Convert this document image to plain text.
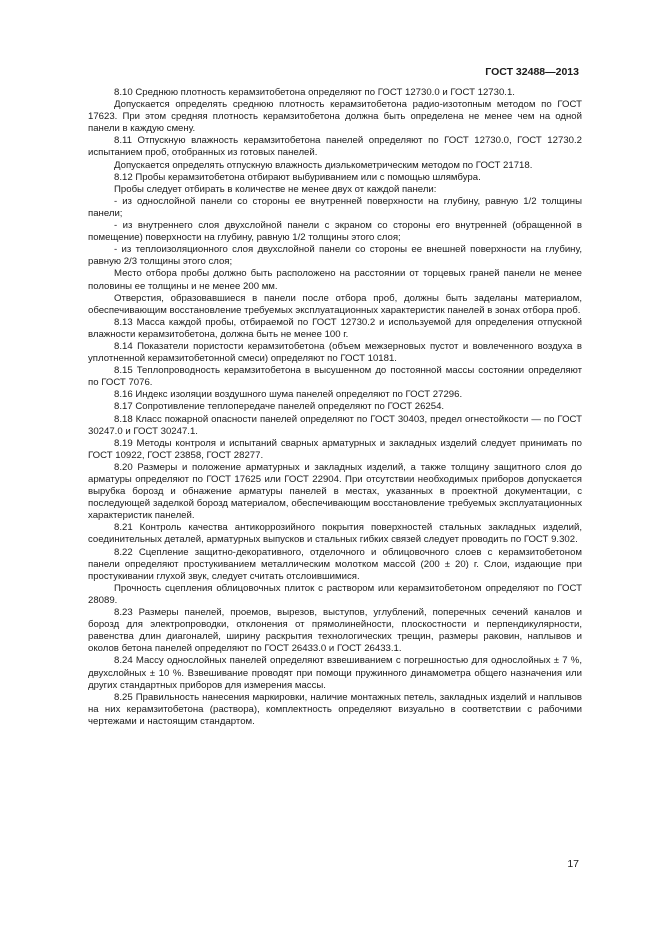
ГОСТ 32488—2013

8.10 Среднюю плотность керамзитобетона определяют по ГОСТ 12730.0 и ГОСТ 12730.1.

Допускается определять среднюю плотность керамзитобетона радио-изотопным методом по ГОСТ 17623. При этом средняя плотность керамзитобетона должна быть определена не менее чем на одной панели в каждую смену.

8.11 Отпускную влажность керамзитобетона панелей определяют по ГОСТ 12730.0, ГОСТ 12730.2 испытанием проб, отобранных из готовых панелей.

Допускается определять отпускную влажность диэлькометрическим методом по ГОСТ 21718.

8.12 Пробы керамзитобетона отбирают выбуриванием или с помощью шлямбура.

Пробы следует отбирать в количестве не менее двух от каждой панели:

- из однослойной панели со стороны ее внутренней поверхности на глубину, равную 1/2 толщины панели;

- из внутреннего слоя двухслойной панели с экраном со стороны его внутренней (обращенной в помещение) поверхности на глубину, равную 1/2 толщины этого слоя;

- из теплоизоляционного слоя двухслойной панели со стороны ее внешней поверхности на глубину, равную 2/3 толщины этого слоя;

Место отбора пробы должно быть расположено на расстоянии от торцевых граней панели не менее половины ее толщины и не менее 200 мм.

Отверстия, образовавшиеся в панели после отбора проб, должны быть заделаны материалом, обеспечивающим восстановление требуемых эксплуатационных характеристик панелей в зонах отбора проб.

8.13 Масса каждой пробы, отбираемой по ГОСТ 12730.2 и используемой для определения отпускной влажности керамзитобетона, должна быть не менее 100 г.

8.14 Показатели пористости керамзитобетона (объем межзерновых пустот и вовлеченного воздуха в уплотненной керамзитобетонной смеси) определяют по ГОСТ 10181.

8.15 Теплопроводность керамзитобетона в высушенном до постоянной массы состоянии определяют по ГОСТ 7076.

8.16 Индекс изоляции воздушного шума панелей определяют по ГОСТ 27296.

8.17 Сопротивление теплопередаче панелей определяют по ГОСТ 26254.

8.18 Класс пожарной опасности панелей определяют по ГОСТ 30403, предел огнестойкости — по ГОСТ 30247.0 и ГОСТ 30247.1.

8.19 Методы контроля и испытаний сварных арматурных и закладных изделий следует принимать по ГОСТ 10922, ГОСТ 23858, ГОСТ 28277.

8.20 Размеры и положение арматурных и закладных изделий, а также толщину защитного слоя до арматуры определяют по ГОСТ 17625 или ГОСТ 22904. При отсутствии необходимых приборов допускается вырубка борозд и обнажение арматуры панелей в местах, указанных в проектной документации, с последующей заделкой борозд материалом, обеспечивающим восстановление требуемых эксплуатационных характеристик панелей.

8.21 Контроль качества антикоррозийного покрытия поверхностей стальных закладных изделий, соединительных деталей, арматурных выпусков и стальных гибких связей следует проводить по ГОСТ 9.302.

8.22 Сцепление защитно-декоративного, отделочного и облицовочного слоев с керамзитобетоном панели определяют простукиванием металлическим молотком массой (200 ± 20) г. Слои, издающие при простукивании глухой звук, следует считать отслоившимися.

Прочность сцепления облицовочных плиток с раствором или керамзитобетоном определяют по ГОСТ 28089.

8.23 Размеры панелей, проемов, вырезов, выступов, углублений, поперечных сечений каналов и борозд для электропроводки, отклонения от прямолинейности, плоскостности и перпендикулярности, равенства длин диагоналей, ширину раскрытия технологических трещин, размеры раковин, наплывов и околов бетона панелей определяют по ГОСТ 26433.0 и ГОСТ 26433.1.

8.24 Массу однослойных панелей определяют взвешиванием с погрешностью для однослойных ± 7 %, двухслойных ± 10 %. Взвешивание проводят при помощи пружинного динамометра общего назначения или других стандартных приборов для измерения массы.

8.25 Правильность нанесения маркировки, наличие монтажных петель, закладных изделий и наплывов на них керамзитобетона (раствора), комплектность определяют визуально в соответствии с рабочими чертежами и настоящим стандартом.

17
